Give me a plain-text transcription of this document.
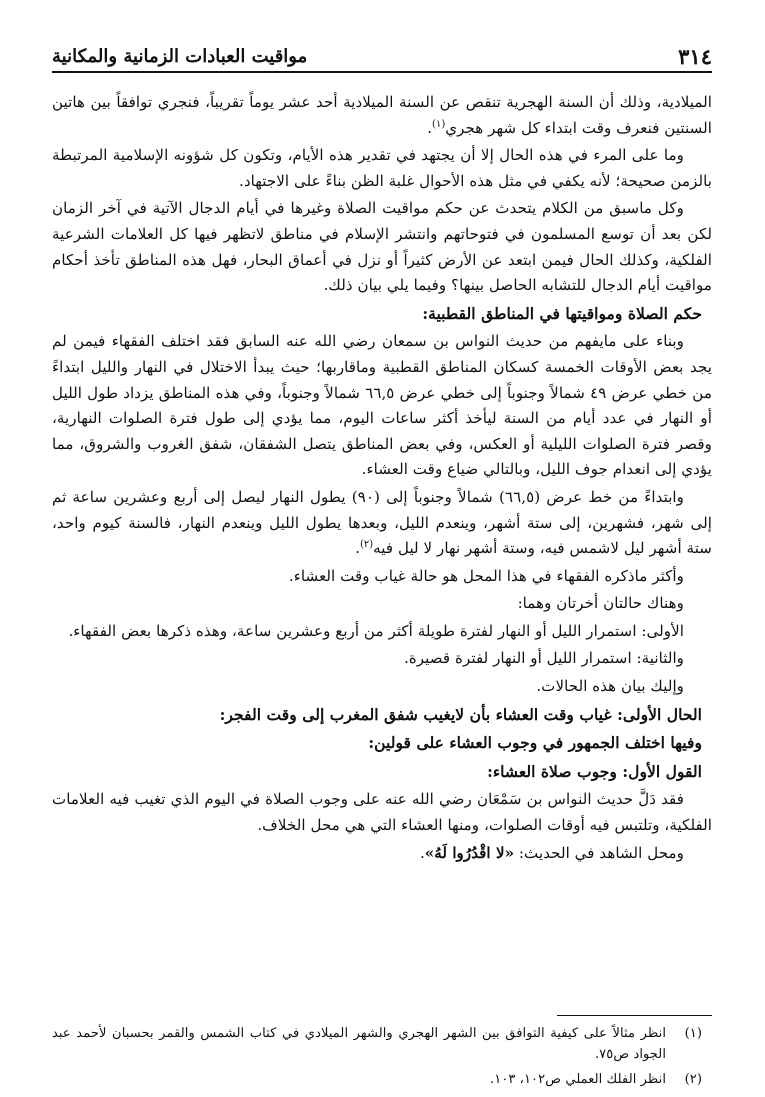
٣١٤
مواقيت العبادات الزمانية والمكانية

الميلادية، وذلك أن السنة الهجرية تنقص عن السنة الميلادية أحد عشر يوماً تقريباً، فنجري توافقاً بين هاتين السنتين فنعرف وقت ابتداء كل شهر هجري$^{(١)}$.

وما على المرء في هذه الحال إلا أن يجتهد في تقدير هذه الأيام، وتكون كل شؤونه الإسلامية المرتبطة بالزمن صحيحة؛ لأنه يكفي في مثل هذه الأحوال غلبة الظن بناءً على الاجتهاد.

وكل ماسبق من الكلام يتحدث عن حكم مواقيت الصلاة وغيرها في أيام الدجال الآتية في آخر الزمان لكن بعد أن توسع المسلمون في فتوحاتهم وانتشر الإسلام في مناطق لاتظهر فيها كل العلامات الشرعية الفلكية، وكذلك الحال فيمن ابتعد عن الأرض كثيراً أو نزل في أعماق البحار، فهل هذه المناطق تأخذ أحكام مواقيت أيام الدجال للتشابه الحاصل بينها؟ وفيما يلي بيان ذلك.

حكم الصلاة ومواقيتها في المناطق القطبية:

وبناء على مايفهم من حديث النواس بن سمعان رضي الله عنه السابق فقد اختلف الفقهاء فيمن لم يجد بعض الأوقات الخمسة كسكان المناطق القطبية وماقاربها؛ حيث يبدأ الاختلال في النهار والليل ابتداءً من خطي عرض ٤٩ شمالاً وجنوباً إلى خطي عرض ٦٦,٥ شمالاً وجنوباً، وفي هذه المناطق يزداد طول الليل أو النهار في عدد أيام من السنة ليأخذ أكثر ساعات اليوم، مما يؤدي إلى طول فترة الصلوات النهارية، وقصر فترة الصلوات الليلية أو العكس، وفي بعض المناطق يتصل الشفقان، شفق الغروب والشروق، مما يؤدي إلى انعدام جوف الليل، وبالتالي ضياع وقت العشاء.

وابتداءً من خط عرض (٦٦,٥) شمالاً وجنوباً إلى (٩٠) يطول النهار ليصل إلى أربع وعشرين ساعة ثم إلى شهر، فشهرين، إلى ستة أشهر، وينعدم الليل، وبعدها يطول الليل وينعدم النهار، فالسنة كيوم واحد، ستة أشهر ليل لاشمس فيه، وستة أشهر نهار لا ليل فيه$^{(٢)}$.

وأكثر ماذكره الفقهاء في هذا المحل هو حالة غياب وقت العشاء.

وهناك حالتان أخرتان وهما:

الأولى: استمرار الليل أو النهار لفترة طويلة أكثر من أربع وعشرين ساعة، وهذه ذكرها بعض الفقهاء.

والثانية: استمرار الليل أو النهار لفترة قصيرة.

وإليك بيان هذه الحالات.

الحال الأولى: غياب وقت العشاء بأن لايغيب شفق المغرب إلى وقت الفجر:

وفيها اختلف الجمهور في وجوب العشاء على قولين:

القول الأول: وجوب صلاة العشاء:

فقد دَلَّ حديث النواس بن سَمْعَان رضي الله عنه على وجوب الصلاة في اليوم الذي تغيب فيه العلامات الفلكية، وتلتبس فيه أوقات الصلوات، ومنها العشاء التي هي محل الخلاف.

ومحل الشاهد في الحديث: «لا اقْدُرُوا لَهُ».

(١)
انظر مثالاً على كيفية التوافق بين الشهر الهجري والشهر الميلادي في كتاب الشمس والقمر بحسبان لأحمد عبد الجواد ص٧٥.
(٢)
انظر الفلك العملي ص١٠٢، ١٠٣.
